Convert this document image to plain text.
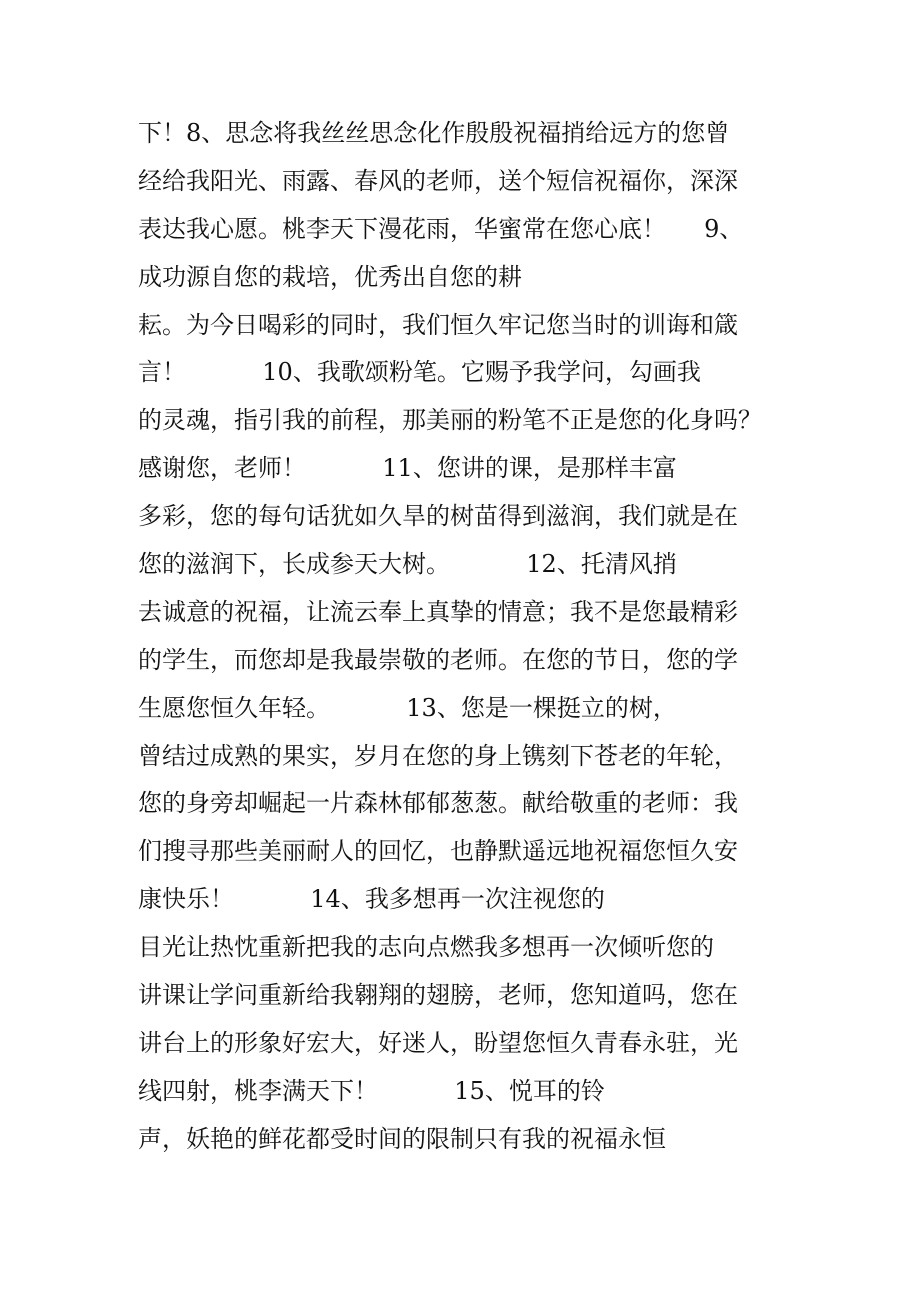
下！8、思念将我丝丝思念化作殷殷祝福捎给远方的您曾
经给我阳光、雨露、春风的老师，送个短信祝福你，深深
表达我心愿。桃李天下漫花雨，华蜜常在您心底！     9、
成功源自您的栽培，优秀出自您的耕
耘。为今日喝彩的同时，我们恒久牢记您当时的训诲和箴
言！          10、我歌颂粉笔。它赐予我学问，勾画我
的灵魂，指引我的前程，那美丽的粉笔不正是您的化身吗？
感谢您，老师！          11、您讲的课，是那样丰富
多彩，您的每句话犹如久旱的树苗得到滋润，我们就是在
您的滋润下，长成参天大树。          12、托清风捎
去诚意的祝福，让流云奉上真挚的情意；我不是您最精彩
的学生，而您却是我最崇敬的老师。在您的节日，您的学
生愿您恒久年轻。          13、您是一棵挺立的树，
曾结过成熟的果实，岁月在您的身上镌刻下苍老的年轮，
您的身旁却崛起一片森林郁郁葱葱。献给敬重的老师：我
们搜寻那些美丽耐人的回忆，也静默遥远地祝福您恒久安
康快乐！          14、我多想再一次注视您的
目光让热忱重新把我的志向点燃我多想再一次倾听您的
讲课让学问重新给我翱翔的翅膀，老师，您知道吗，您在
讲台上的形象好宏大，好迷人，盼望您恒久青春永驻，光
线四射，桃李满天下！          15、悦耳的铃
声，妖艳的鲜花都受时间的限制只有我的祝福永恒
